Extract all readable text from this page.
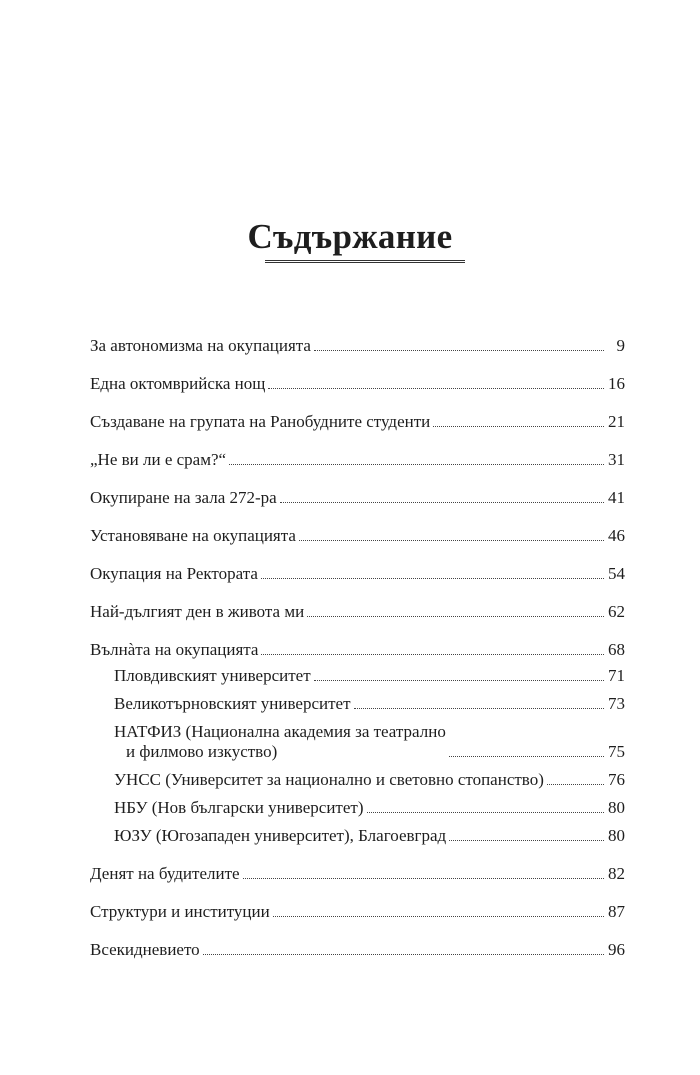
Съдържание
За автономизма на окупацията	9
Една октомврийска нощ	16
Създаване на групата на Ранобудните студенти	21
„Не ви ли е срам?“	31
Окупиране на зала 272-ра	41
Установяване на окупацията	46
Окупация на Ректората	54
Най-дългият ден в живота ми	62
Вълнàта на окупацията	68
Пловдивският университет	71
Великотърновският университет	73
НАТФИЗ (Национална академия за театрално
и филмово изкуство)	75
УНСС (Университет за национално и световно стопанство)	76
НБУ (Нов български университет)	80
ЮЗУ (Югозападен университет), Благоевград	80
Денят на будителите	82
Структури и институции	87
Всекидневието	96
